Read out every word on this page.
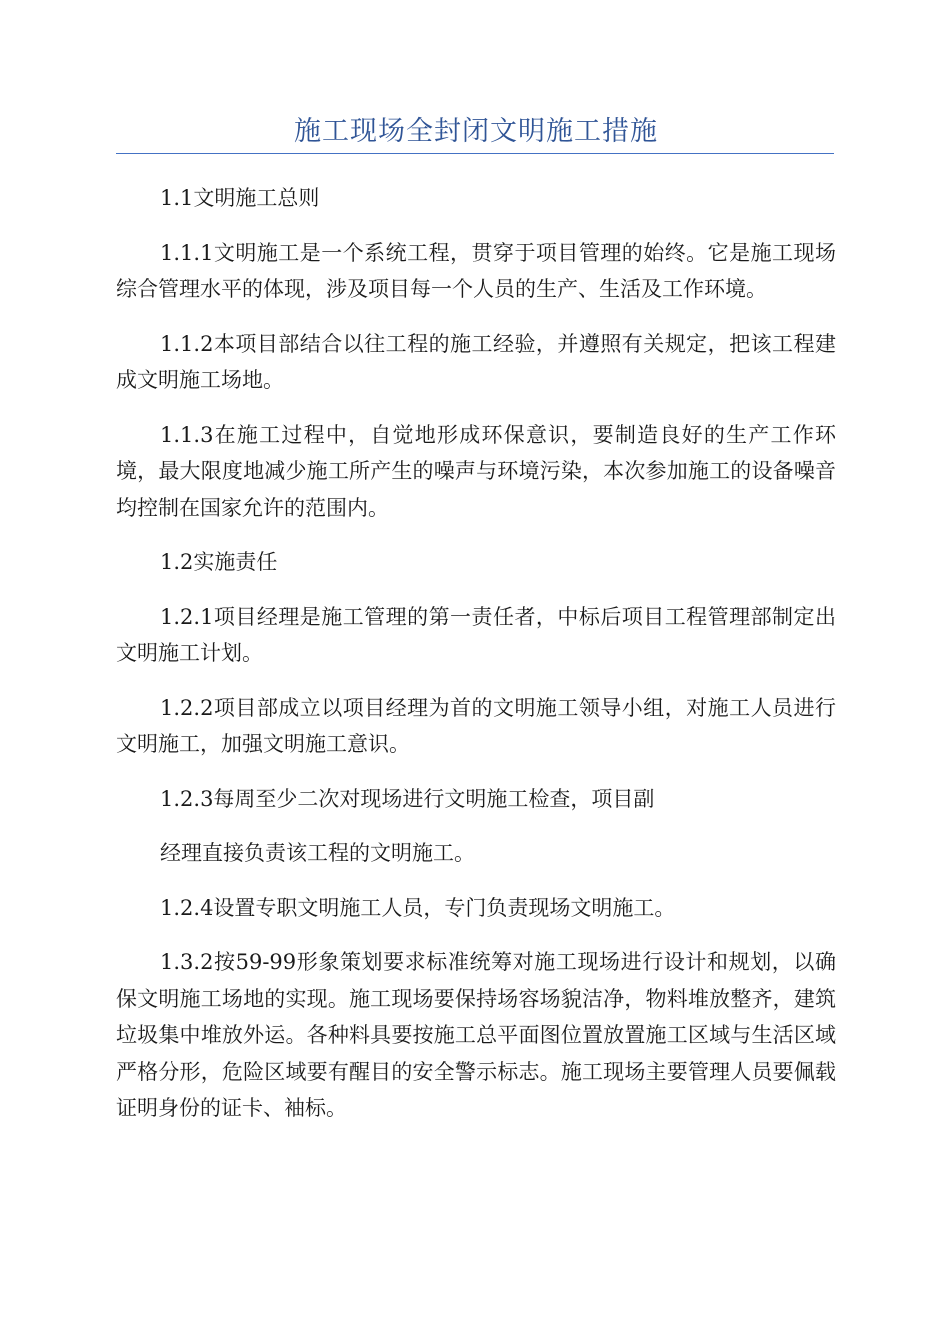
施工现场全封闭文明施工措施

1.1文明施工总则

1.1.1文明施工是一个系统工程，贯穿于项目管理的始终。它是施工现场综合管理水平的体现，涉及项目每一个人员的生产、生活及工作环境。

1.1.2本项目部结合以往工程的施工经验，并遵照有关规定，把该工程建成文明施工场地。

1.1.3在施工过程中，自觉地形成环保意识，要制造良好的生产工作环境，最大限度地减少施工所产生的噪声与环境污染，本次参加施工的设备噪音均控制在国家允许的范围内。

1.2实施责任

1.2.1项目经理是施工管理的第一责任者，中标后项目工程管理部制定出文明施工计划。

1.2.2项目部成立以项目经理为首的文明施工领导小组，对施工人员进行文明施工，加强文明施工意识。

1.2.3每周至少二次对现场进行文明施工检查，项目副

经理直接负责该工程的文明施工。

1.2.4设置专职文明施工人员，专门负责现场文明施工。

1.3.2按59-99形象策划要求标准统筹对施工现场进行设计和规划，以确保文明施工场地的实现。施工现场要保持场容场貌洁净，物料堆放整齐，建筑垃圾集中堆放外运。各种料具要按施工总平面图位置放置施工区域与生活区域严格分形，危险区域要有醒目的安全警示标志。施工现场主要管理人员要佩载证明身份的证卡、袖标。
